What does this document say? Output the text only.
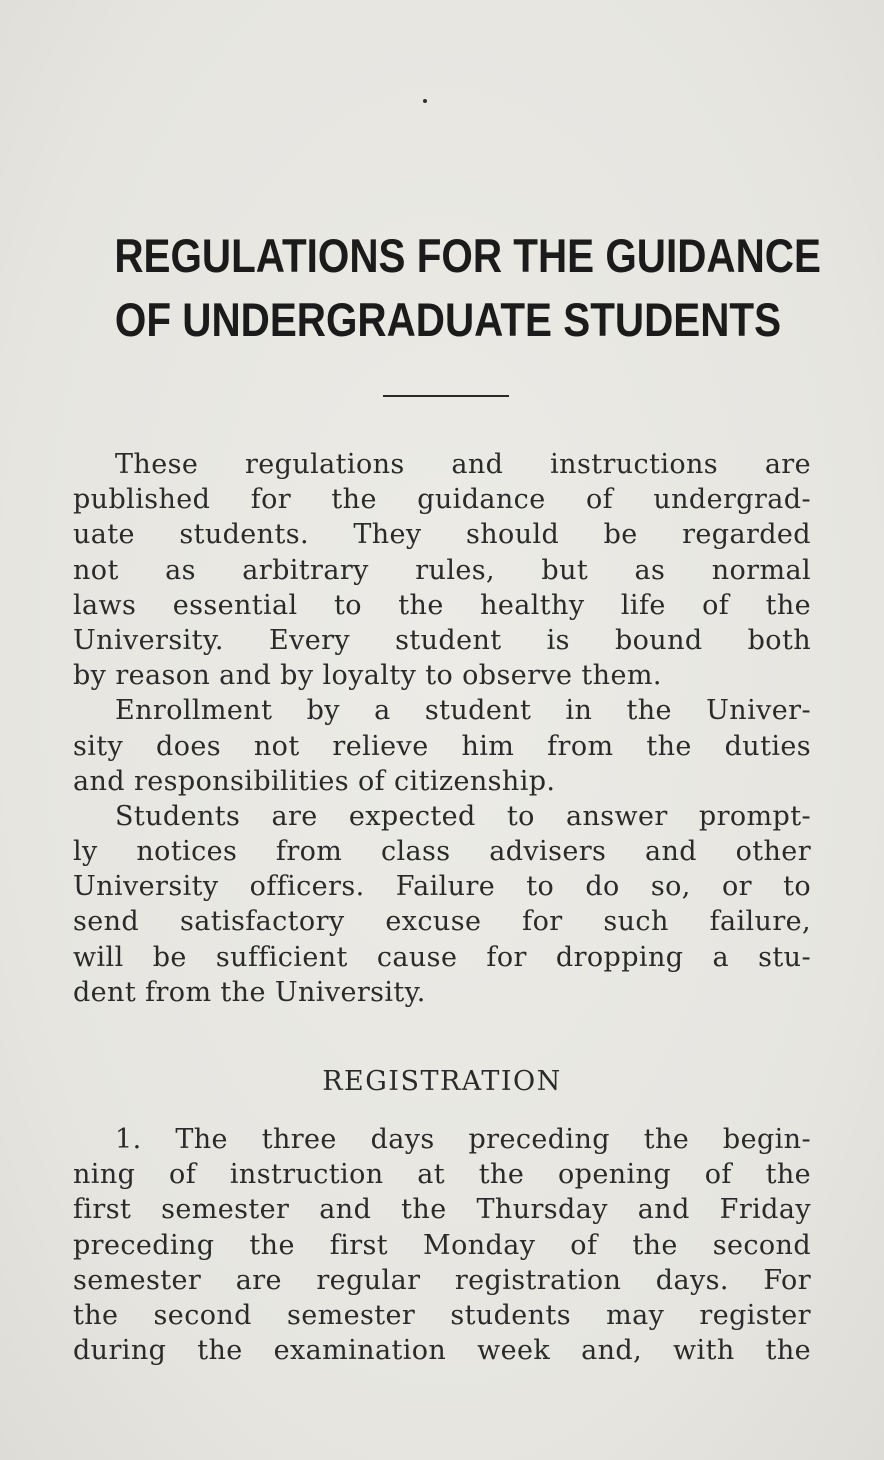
REGULATIONS FOR THE GUIDANCE
OF UNDERGRADUATE STUDENTS
These regulations and instructions are
published for the guidance of undergrad-
uate students. They should be regarded
not as arbitrary rules, but as normal
laws essential to the healthy life of the
University. Every student is bound both
by reason and by loyalty to observe them.
Enrollment by a student in the Univer-
sity does not relieve him from the duties
and responsibilities of citizenship.
Students are expected to answer prompt-
ly notices from class advisers and other
University officers. Failure to do so, or to
send satisfactory excuse for such failure,
will be sufficient cause for dropping a stu-
dent from the University.
REGISTRATION
1. The three days preceding the begin-
ning of instruction at the opening of the
first semester and the Thursday and Friday
preceding the first Monday of the second
semester are regular registration days. For
the second semester students may register
during the examination week and, with the
